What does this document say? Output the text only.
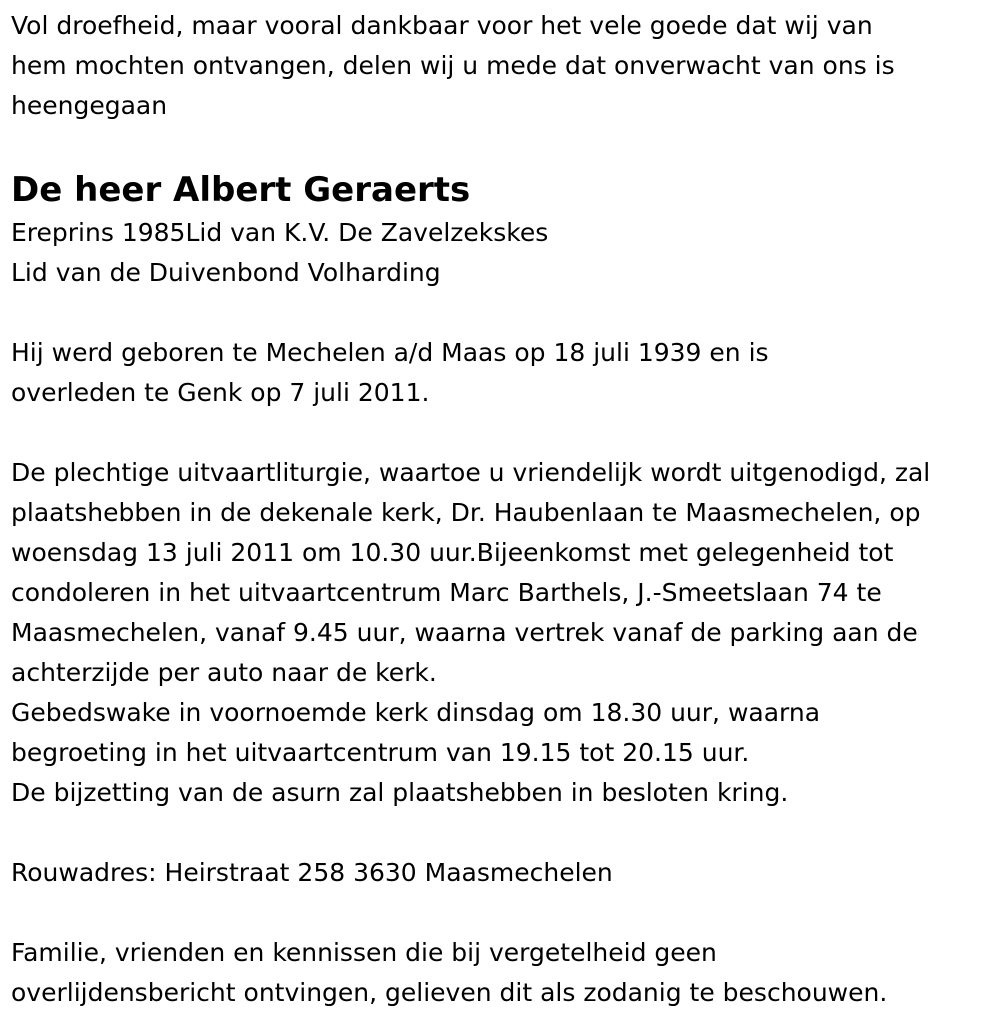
Vol droefheid, maar vooral dankbaar voor het vele goede dat wij van
hem mochten ontvangen, delen wij u mede dat onverwacht van ons is
heengegaan
De heer Albert Geraerts
Ereprins 1985Lid van K.V. De Zavelzekskes
Lid van de Duivenbond Volharding
Hij werd geboren te Mechelen a/d Maas op 18 juli 1939 en is
overleden te Genk op 7 juli 2011.
De plechtige uitvaartliturgie, waartoe u vriendelijk wordt uitgenodigd, zal
plaatshebben in de dekenale kerk, Dr. Haubenlaan te Maasmechelen, op
woensdag 13 juli 2011 om 10.30 uur.Bijeenkomst met gelegenheid tot
condoleren in het uitvaartcentrum Marc Barthels, J.-Smeetslaan 74 te
Maasmechelen, vanaf 9.45 uur, waarna vertrek vanaf de parking aan de
achterzijde per auto naar de kerk.
Gebedswake in voornoemde kerk dinsdag om 18.30 uur, waarna
begroeting in het uitvaartcentrum van 19.15 tot 20.15 uur.
De bijzetting van de asurn zal plaatshebben in besloten kring.
Rouwadres: Heirstraat 258 3630 Maasmechelen
Familie, vrienden en kennissen die bij vergetelheid geen
overlijdensbericht ontvingen, gelieven dit als zodanig te beschouwen.
